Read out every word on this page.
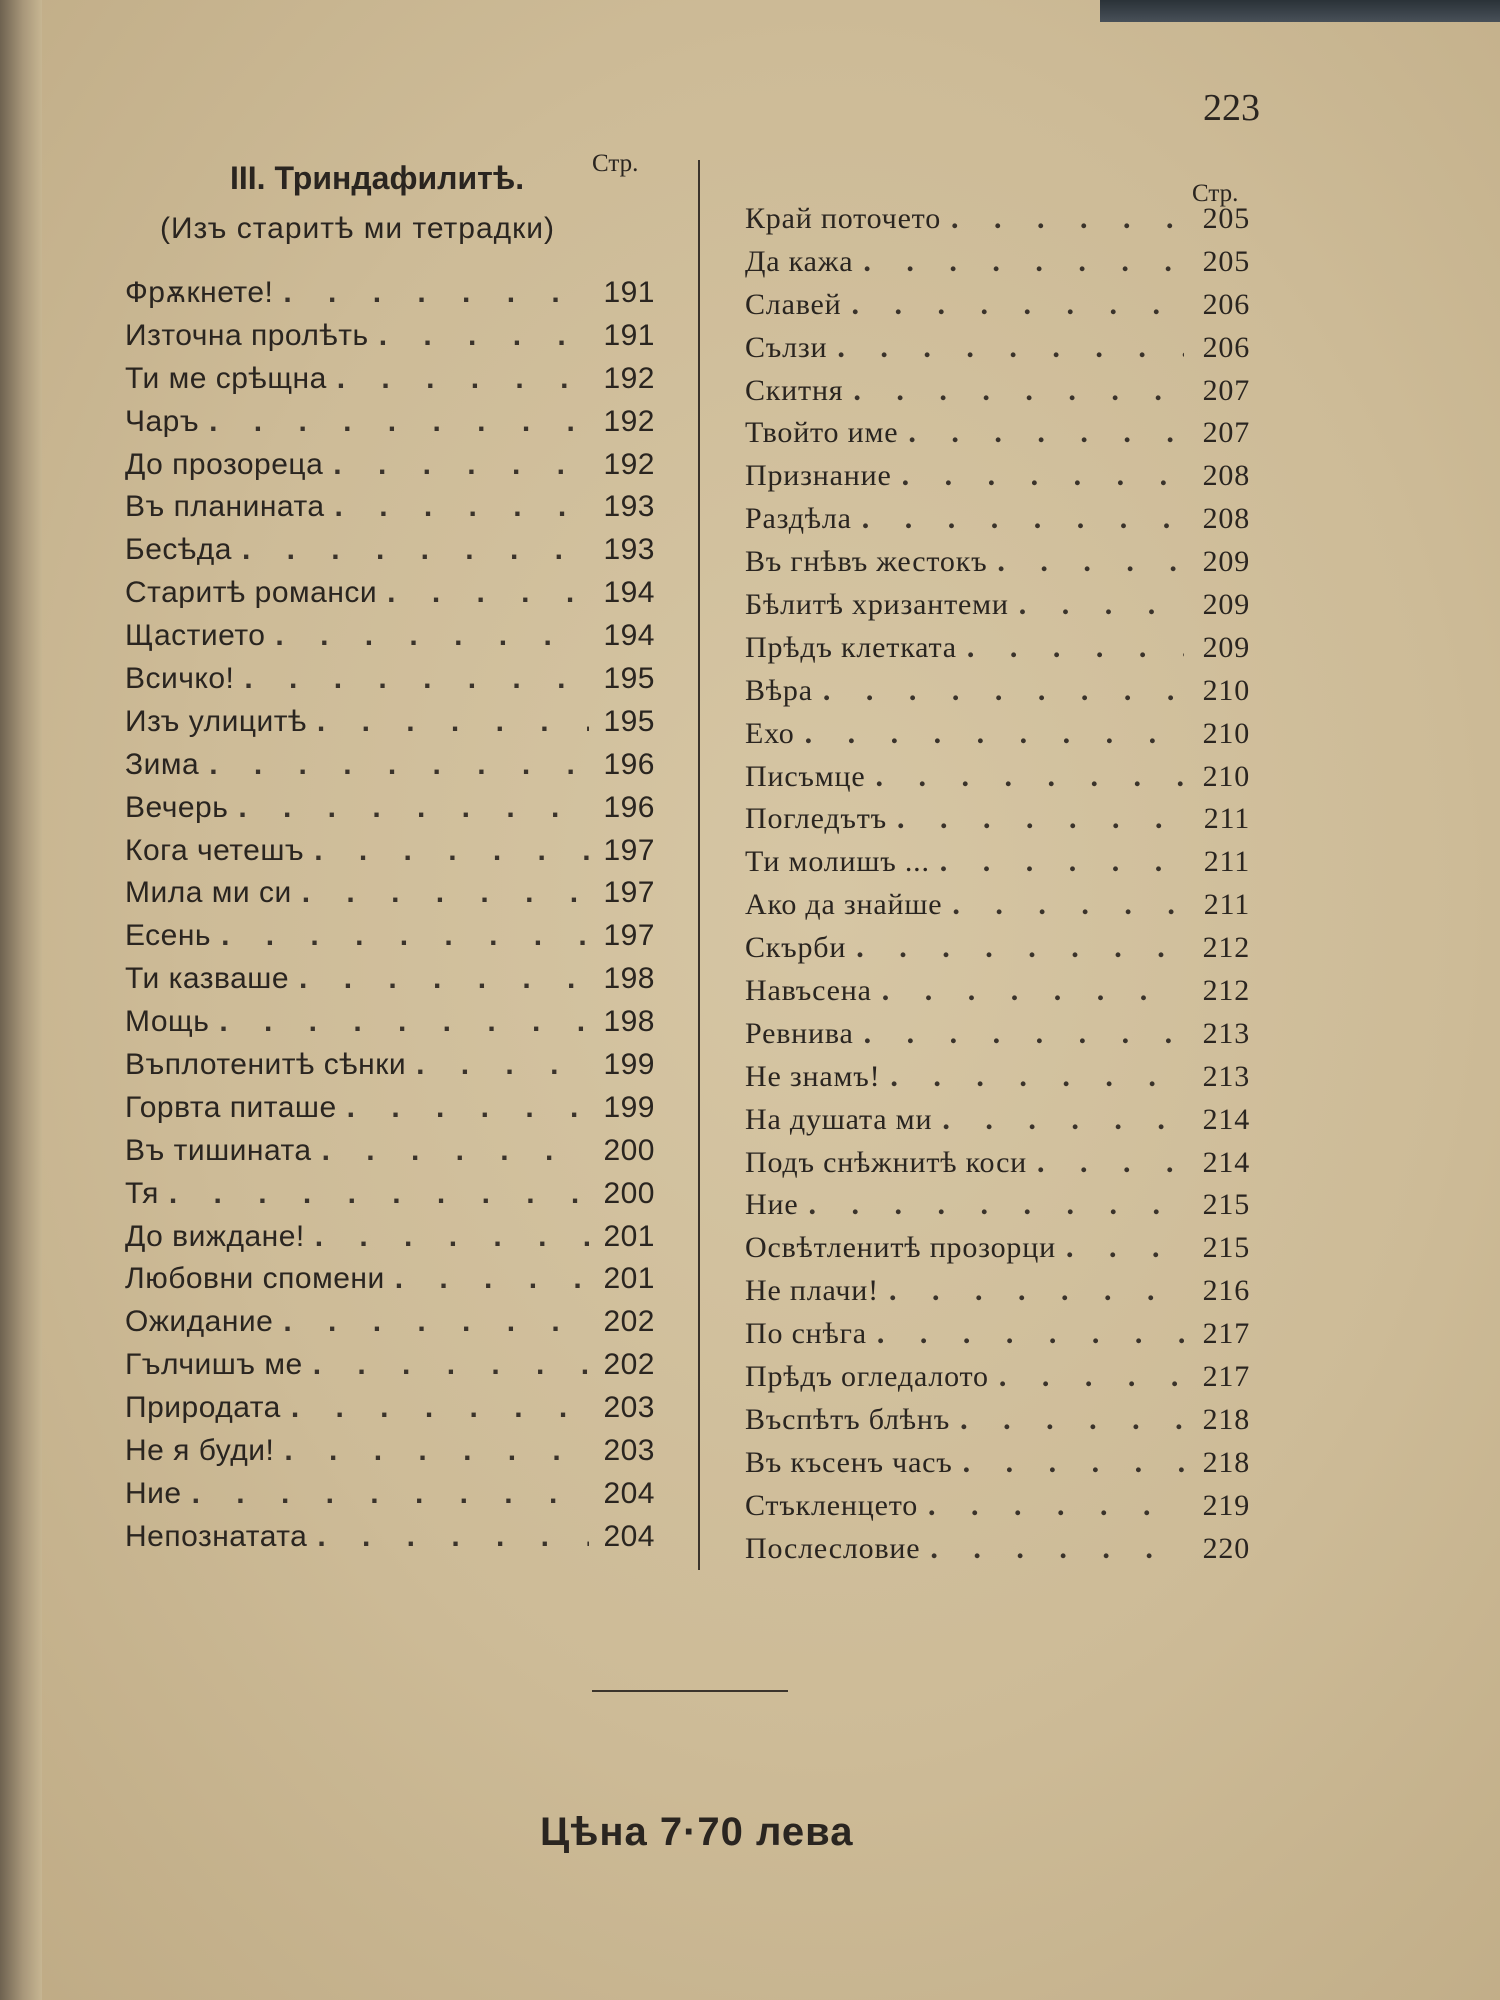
223
III. Триндафилитѣ.	Стр.
(Изъ старитѣ ми тетрадки)
Фрѫкнете! . . .	191
Източна пролѣть . . .	191
Ти ме срѣщна . . .	192
Чаръ . . .	192
До прозореца . . .	192
Въ планината . . .	193
Бесѣда . . .	193
Старитѣ романси . . .	194
Щастието . . .	194
Всичко! . . .	195
Изъ улицитѣ . . .	195
Зима . . .	196
Вечерь . . .	196
Кога четешъ . . .	197
Мила ми си . . .	197
Есень . . .	197
Ти казваше . . .	198
Мощь . . .	198
Въплотенитѣ сѣнки . . .	199
Горвта питаше . . .	199
Въ тишината . . .	200
Тя . . .	200
До виждане! . . .	201
Любовни спомени . . .	201
Ожидание . . .	202
Гълчишъ ме . . .	202
Природата . . .	203
Не я буди! . . .	203
Ние . . .	204
Непознатата . . .	204
Стр.
Край поточето . . .	205
Да кажа . . .	205
Славей . . .	206
Сълзи . . .	206
Скитня . . .	207
Твойто име . . .	207
Признание . . .	208
Раздѣла . . .	208
Въ гнѣвъ жестокъ . . .	209
Бѣлитѣ хризантеми . . .	209
Прѣдъ клетката . . .	209
Вѣра . . .	210
Ехо . . .	210
Писъмце . . .	210
Погледътъ . . .	211
Ти молишъ ... . . .	211
Ако да знайше . . .	211
Скърби . . .	212
Навъсена . . .	212
Ревнива . . .	213
Не знамъ! . . .	213
На душата ми . . .	214
Подъ снѣжнитѣ коси . . .	214
Ние . . .	215
Освѣтленитѣ прозорци . . .	215
Не плачи! . . .	216
По снѣга . . .	217
Прѣдъ огледалото . . .	217
Въспѣтъ блѣнъ . . .	218
Въ късенъ часъ . . .	218
Стъкленцето . . .	219
Послесловие . . .	220
Цѣна 7·70 лева
